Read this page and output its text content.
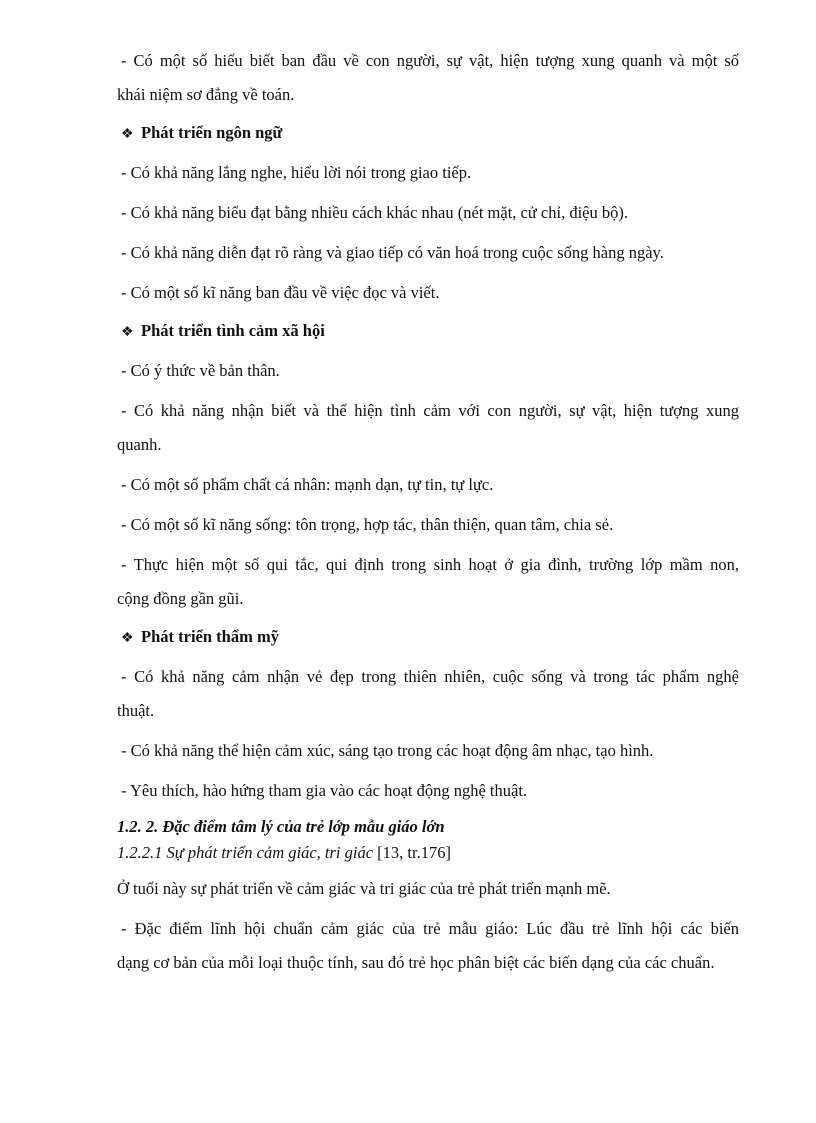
- Có một số hiểu biết ban đầu về con người, sự vật, hiện tượng xung quanh và một số

khái niệm sơ đẳng về toán.

❖ Phát triển ngôn ngữ

- Có khả năng lắng nghe, hiểu lời nói trong giao tiếp.

- Có khả năng biểu đạt bằng nhiều cách khác nhau (nét mặt, cử chỉ, điệu bộ).

- Có khả năng diễn đạt rõ ràng và giao tiếp có văn hoá trong cuộc sống hàng ngày.

- Có một số kĩ năng ban đầu về việc đọc và viết.

❖ Phát triển tình cảm xã hội

- Có ý thức về bản thân.

- Có khả năng nhận biết và thể hiện tình cảm với con người, sự vật, hiện tượng xung

quanh.

- Có một số phẩm chất cá nhân: mạnh dạn, tự tin, tự lực.

- Có một số kĩ năng sống: tôn trọng, hợp tác, thân thiện, quan tâm, chia sẻ.

- Thực hiện một số qui tắc, qui định trong sinh hoạt ở gia đình, trường lớp mầm non,

cộng đồng gần gũi.

❖ Phát triển thẩm mỹ

- Có khả năng cảm nhận vẻ đẹp trong thiên nhiên, cuộc sống và trong tác phẩm nghệ

thuật.

- Có khả năng thể hiện cảm xúc, sáng tạo trong các hoạt động âm nhạc, tạo hình.

- Yêu thích, hào hứng tham gia vào các hoạt động nghệ thuật.

1.2. 2. Đặc điểm tâm lý của trẻ lớp mẫu giáo lớn

1.2.2.1 Sự phát triển cảm giác, tri giác [13, tr.176]

Ở tuổi này sự phát triển về cảm giác và tri giác của trẻ phát triển mạnh mẽ.

- Đặc điểm lĩnh hội chuẩn cảm giác của trẻ mẫu giáo: Lúc đầu trẻ lĩnh hội các biến

dạng cơ bản của mỗi loại thuộc tính, sau đó trẻ học phân biệt các biến dạng của các chuẩn.
